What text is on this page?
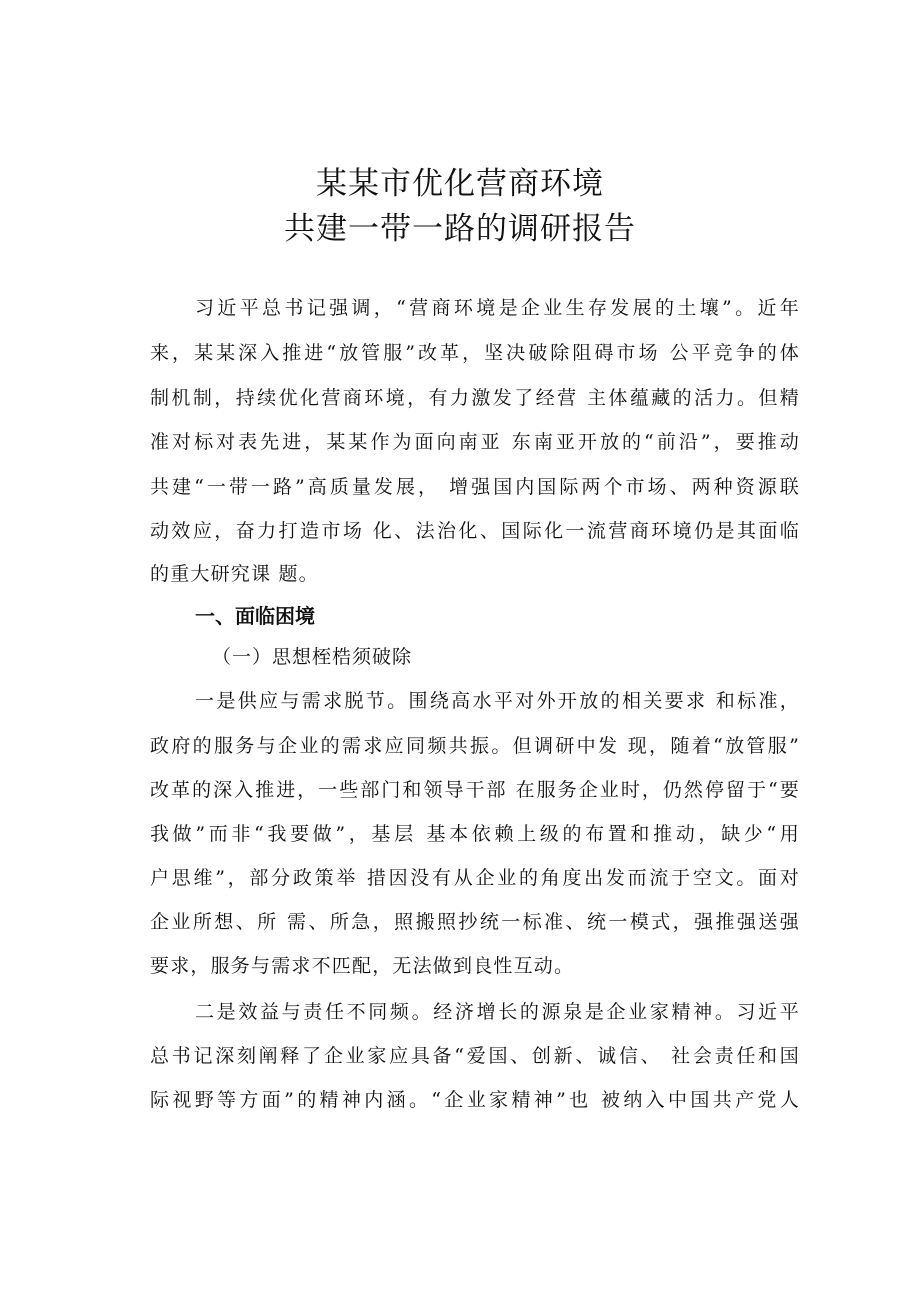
某某市优化营商环境
共建一带一路的调研报告
习近平总书记强调，“营商环境是企业生存发展的土壤”。近年
来，某某深入推进“放管服”改革，坚决破除阻碍市场 公平竞争的体
制机制，持续优化营商环境，有力激发了经营 主体蕴藏的活力。但精
准对标对表先进，某某作为面向南亚 东南亚开放的“前沿”，要推动
共建“一带一路”高质量发展， 增强国内国际两个市场、两种资源联
动效应，奋力打造市场 化、法治化、国际化一流营商环境仍是其面临
的重大研究课 题。
一、面临困境
（一）思想桎梏须破除
一是供应与需求脱节。围绕高水平对外开放的相关要求 和标准，
政府的服务与企业的需求应同频共振。但调研中发 现，随着“放管服”
改革的深入推进，一些部门和领导干部 在服务企业时，仍然停留于“要
我做”而非“我要做”，基层 基本依赖上级的布置和推动，缺少“用
户思维”，部分政策举 措因没有从企业的角度出发而流于空文。面对
企业所想、所 需、所急，照搬照抄统一标准、统一模式，强推强送强
要求，服务与需求不匹配，无法做到良性互动。
二是效益与责任不同频。经济增长的源泉是企业家精神。习近平
总书记深刻阐释了企业家应具备“爱国、创新、诚信、 社会责任和国
际视野等方面”的精神内涵。“企业家精神”也 被纳入中国共产党人
